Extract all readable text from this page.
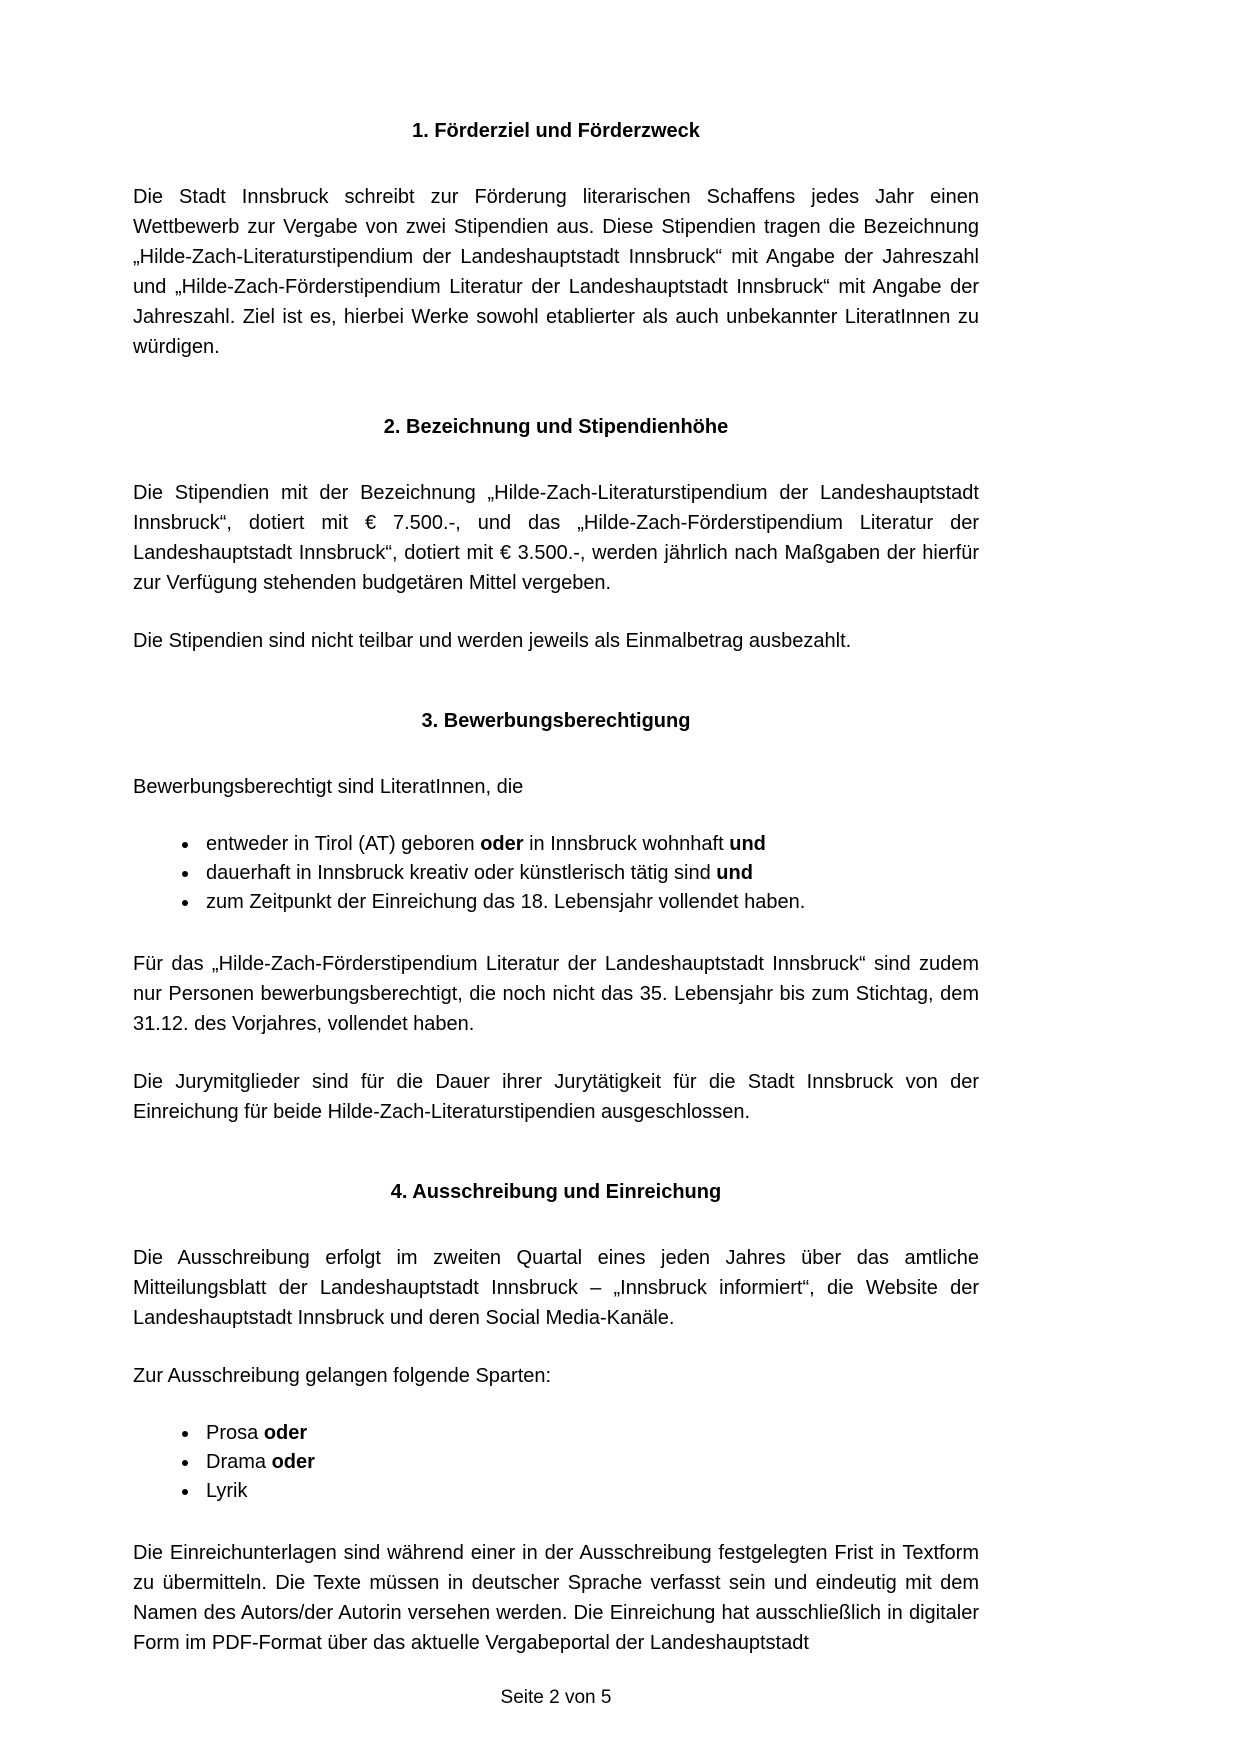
1. Förderziel und Förderzweck

Die Stadt Innsbruck schreibt zur Förderung literarischen Schaffens jedes Jahr einen Wettbewerb zur Vergabe von zwei Stipendien aus. Diese Stipendien tragen die Bezeichnung „Hilde-Zach-Literaturstipendium der Landeshauptstadt Innsbruck“ mit Angabe der Jahreszahl und „Hilde-Zach-Förderstipendium Literatur der Landeshauptstadt Innsbruck“ mit Angabe der Jahreszahl. Ziel ist es, hierbei Werke sowohl etablierter als auch unbekannter LiteratInnen zu würdigen.

2. Bezeichnung und Stipendienhöhe

Die Stipendien mit der Bezeichnung „Hilde-Zach-Literaturstipendium der Landeshauptstadt Innsbruck“, dotiert mit € 7.500.-, und das „Hilde-Zach-Förderstipendium Literatur der Landeshauptstadt Innsbruck“, dotiert mit € 3.500.-, werden jährlich nach Maßgaben der hierfür zur Verfügung stehenden budgetären Mittel vergeben.

Die Stipendien sind nicht teilbar und werden jeweils als Einmalbetrag ausbezahlt.

3. Bewerbungsberechtigung

Bewerbungsberechtigt sind LiteratInnen, die

• entweder in Tirol (AT) geboren oder in Innsbruck wohnhaft und
• dauerhaft in Innsbruck kreativ oder künstlerisch tätig sind und
• zum Zeitpunkt der Einreichung das 18. Lebensjahr vollendet haben.

Für das „Hilde-Zach-Förderstipendium Literatur der Landeshauptstadt Innsbruck“ sind zudem nur Personen bewerbungsberechtigt, die noch nicht das 35. Lebensjahr bis zum Stichtag, dem 31.12. des Vorjahres, vollendet haben.

Die Jurymitglieder sind für die Dauer ihrer Jurytätigkeit für die Stadt Innsbruck von der Einreichung für beide Hilde-Zach-Literaturstipendien ausgeschlossen.

4. Ausschreibung und Einreichung

Die Ausschreibung erfolgt im zweiten Quartal eines jeden Jahres über das amtliche Mitteilungsblatt der Landeshauptstadt Innsbruck – „Innsbruck informiert“, die Website der Landeshauptstadt Innsbruck und deren Social Media-Kanäle.

Zur Ausschreibung gelangen folgende Sparten:

• Prosa oder
• Drama oder
• Lyrik

Die Einreichunterlagen sind während einer in der Ausschreibung festgelegten Frist in Textform zu übermitteln. Die Texte müssen in deutscher Sprache verfasst sein und eindeutig mit dem Namen des Autors/der Autorin versehen werden. Die Einreichung hat ausschließlich in digitaler Form im PDF-Format über das aktuelle Vergabeportal der Landeshauptstadt

Seite 2 von 5
